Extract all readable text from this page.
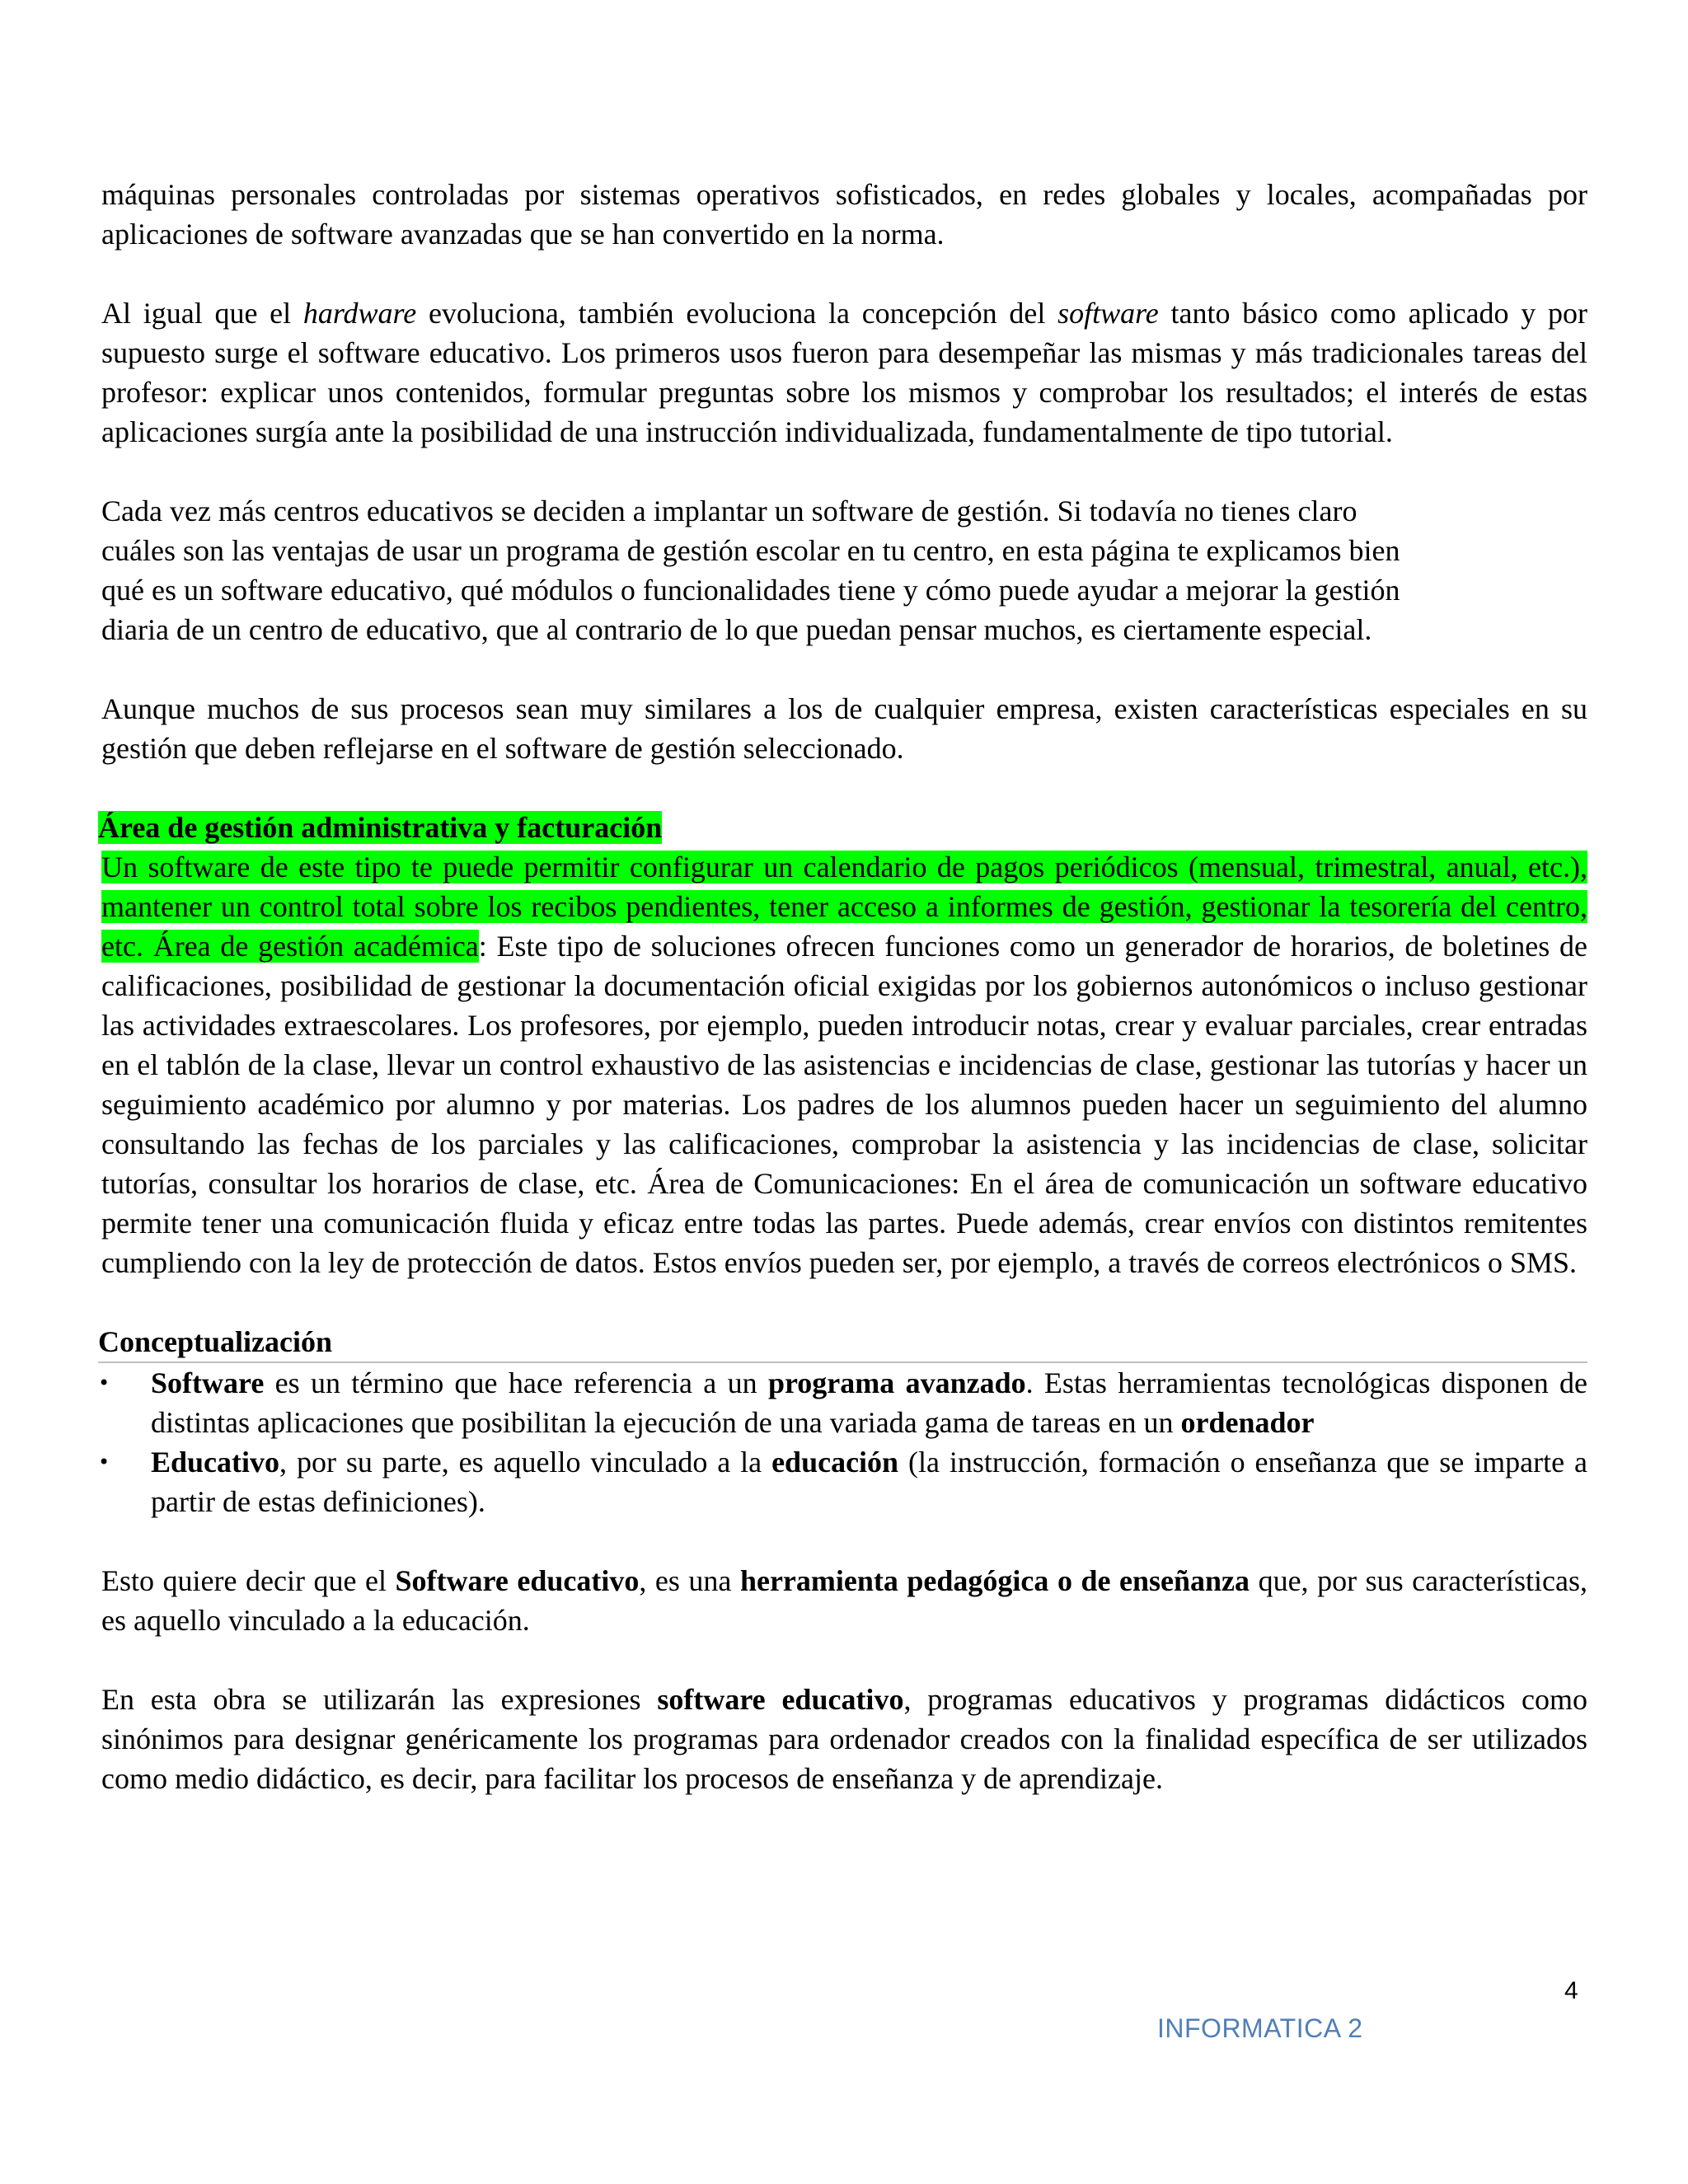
máquinas personales controladas por sistemas operativos sofisticados, en redes globales y locales, acompañadas por aplicaciones de software avanzadas que se han convertido en la norma.

Al igual que el hardware evoluciona, también evoluciona la concepción del software tanto básico como aplicado y por supuesto surge el software educativo. Los primeros usos fueron para desempeñar las mismas y más tradicionales tareas del profesor: explicar unos contenidos, formular preguntas sobre los mismos y comprobar los resultados; el interés de estas aplicaciones surgía ante la posibilidad de una instrucción individualizada, fundamentalmente de tipo tutorial.

Cada vez más centros educativos se deciden a implantar un software de gestión. Si todavía no tienes claro
cuáles son las ventajas de usar un programa de gestión escolar en tu centro, en esta página te explicamos bien
qué es un software educativo, qué módulos o funcionalidades tiene y cómo puede ayudar a mejorar la gestión
diaria de un centro de educativo, que al contrario de lo que puedan pensar muchos, es ciertamente especial.

Aunque muchos de sus procesos sean muy similares a los de cualquier empresa, existen características especiales en su gestión que deben reflejarse en el software de gestión seleccionado.

Área de gestión administrativa y facturación

Un software de este tipo te puede permitir configurar un calendario de pagos periódicos (mensual, trimestral, anual, etc.), mantener un control total sobre los recibos pendientes, tener acceso a informes de gestión, gestionar la tesorería del centro, etc. Área de gestión académica: Este tipo de soluciones ofrecen funciones como un generador de horarios, de boletines de calificaciones, posibilidad de gestionar la documentación oficial exigidas por los gobiernos autonómicos o incluso gestionar las actividades extraescolares. Los profesores, por ejemplo, pueden introducir notas, crear y evaluar parciales, crear entradas en el tablón de la clase, llevar un control exhaustivo de las asistencias e incidencias de clase, gestionar las tutorías y hacer un seguimiento académico por alumno y por materias. Los padres de los alumnos pueden hacer un seguimiento del alumno consultando las fechas de los parciales y las calificaciones, comprobar la asistencia y las incidencias de clase, solicitar tutorías, consultar los horarios de clase, etc. Área de Comunicaciones: En el área de comunicación un software educativo permite tener una comunicación fluida y eficaz entre todas las partes. Puede además, crear envíos con distintos remitentes cumpliendo con la ley de protección de datos. Estos envíos pueden ser, por ejemplo, a través de correos electrónicos o SMS.

Conceptualización
• Software es un término que hace referencia a un programa avanzado. Estas herramientas tecnológicas disponen de distintas aplicaciones que posibilitan la ejecución de una variada gama de tareas en un ordenador
• Educativo, por su parte, es aquello vinculado a la educación (la instrucción, formación o enseñanza que se imparte a partir de estas definiciones).

Esto quiere decir que el Software educativo, es una herramienta pedagógica o de enseñanza que, por sus características, es aquello vinculado a la educación.

En esta obra se utilizarán las expresiones software educativo, programas educativos y programas didácticos como sinónimos para designar genéricamente los programas para ordenador creados con la finalidad específica de ser utilizados como medio didáctico, es decir, para facilitar los procesos de enseñanza y de aprendizaje.

4
INFORMATICA 2
